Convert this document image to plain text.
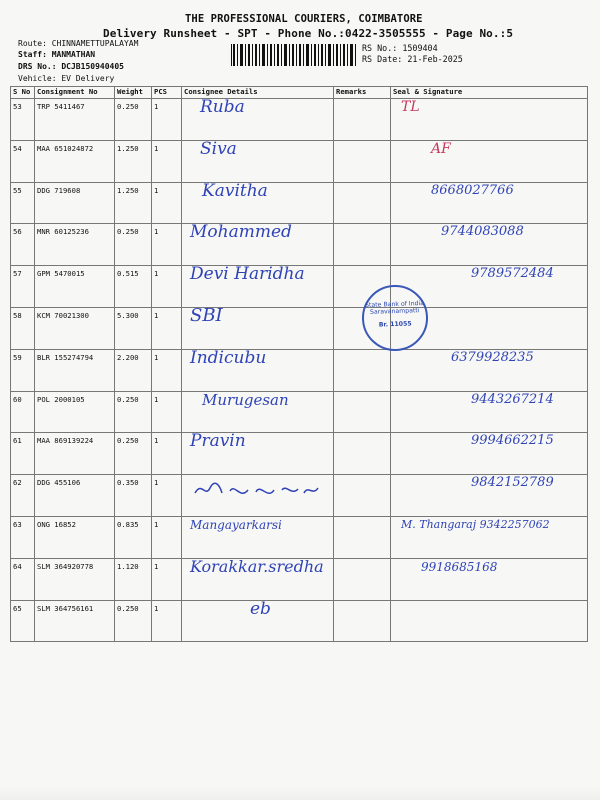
THE PROFESSIONAL COURIERS, COIMBATORE
Delivery Runsheet - SPT - Phone No.:0422-3505555 - Page No.:5
Route: CHINNAMETTUPALAYAM
Staff: MANMATHAN
DRS No.: DCJB150940405
Vehicle: EV Delivery
RS No.: 1509404
RS Date: 21-Feb-2025
S No	Consignment No	Weight	PCS	Consignee Details	Remarks	Seal & Signature
53	TRP 5411467	0.250	1	Ruba		TL
54	MAA 651024872	1.250	1	Siva		AF
55	DDG 719608	1.250	1	Kavitha		8668027766
56	MNR 60125236	0.250	1	Mohammed		9744083088
57	GPM 5470015	0.515	1	Devi Haridha		9789572484
58	KCM 70021300	5.300	1	SBI		
59	BLR 155274794	2.200	1	Indicubu		6379928235
60	POL 2000105	0.250	1	Murugesan		9443267214
61	MAA 869139224	0.250	1	Pravin		9994662215
62	DDG 455106	0.350	1			9842152789
63	ONG 16852	0.835	1	Mangayarkarsi		M. Thangaraj 9342257062
64	SLM 364920778	1.120	1	Korakkar.sredha		9918685168
65	SLM 364756161	0.250	1	eb		
State Bank of India
Saravanampatti
Br. 11055
